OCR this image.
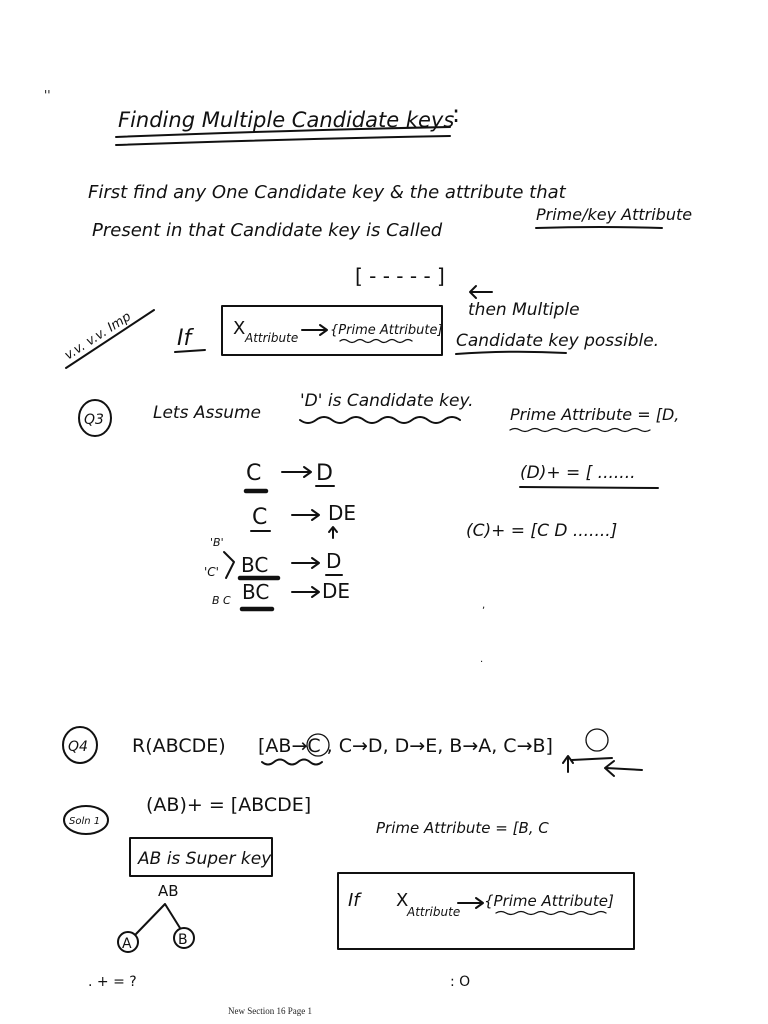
''
Finding Multiple Candidate keys
:
First find any One Candidate key & the attribute that
Present in that Candidate key is Called
Prime/key Attribute
[ - - - - - ]
v.v. v.v. Imp If X Attribute {Prime Attribute]
then Multiple
Candidate key possible.
Q3	Lets Assume
'D' is Candidate key.
Prime Attribute = [D,
(D)+ = [ .......
(C)+ = [C D .......]
C D
C	DE
'B'
'C' BC	D
B C BC	DE
,
.
Q4 R(ABCDE) [AB→C , C→D, D→E, B→A, C→B]
Soln 1
(AB)+ = [ABCDE]
Prime Attribute = [B, C
AB is Super key
AB
A	B
If X
Attribute
{Prime Attribute]
. + = ?	: O
New Section 16 Page 1
